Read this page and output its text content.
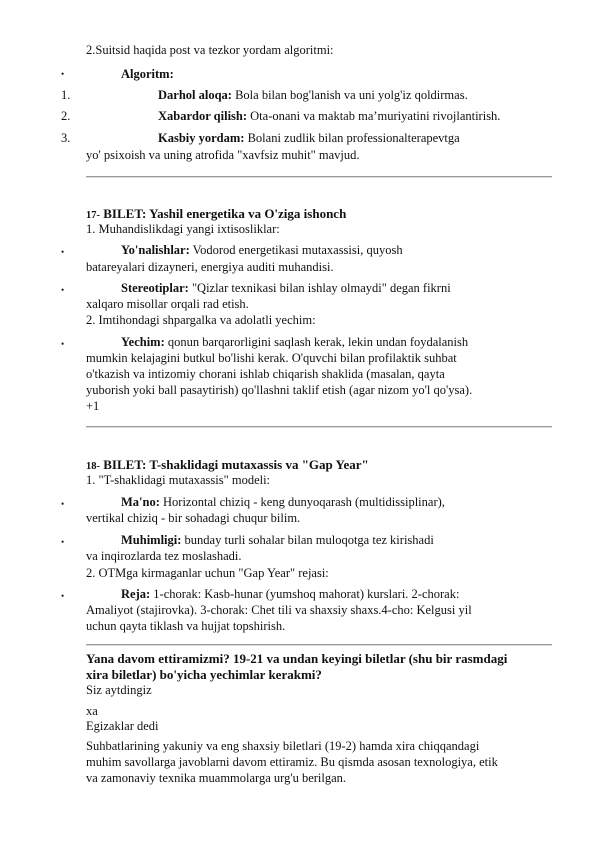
2.Suitsid haqida post va tezkor yordam algoritmi:
•	Algoritm:
1.	Darhol aloqa: Bola bilan bog'lanish va uni yolg'iz qoldirmas.
2.	Xabardor qilish: Ota-onani va maktab ma’muriyatini rivojlantirish.
3.	Kasbiy yordam: Bolani zudlik bilan professionalterapevtga
yo' psixoish va uning atrofida "xavfsiz muhit" mavjud.
17- BILET: Yashil energetika va O'ziga ishonch
1. Muhandislikdagi yangi ixtisosliklar:
•	Yo'nalishlar: Vodorod energetikasi mutaxassisi, quyosh
batareyalari dizayneri, energiya auditi muhandisi.
•	Stereotiplar: "Qizlar texnikasi bilan ishlay olmaydi" degan fikrni
xalqaro misollar orqali rad etish.
2. Imtihondagi shpargalka va adolatli yechim:
•	Yechim: qonun barqarorligini saqlash kerak, lekin undan foydalanish
mumkin kelajagini butkul bo'lishi kerak. O'quvchi bilan profilaktik suhbat
o'tkazish va intizomiy chorani ishlab chiqarish shaklida (masalan, qayta
yuborish yoki ball pasaytirish) qo'llashni taklif etish (agar nizom yo'l qo'ysa).
+1
18- BILET: T-shaklidagi mutaxassis va "Gap Year"
1. "T-shaklidagi mutaxassis" modeli:
•	Ma'no: Horizontal chiziq - keng dunyoqarash (multidissiplinar),
vertikal chiziq - bir sohadagi chuqur bilim.
•	Muhimligi: bunday turli sohalar bilan muloqotga tez kirishadi
va inqirozlarda tez moslashadi.
2. OTMga kirmaganlar uchun "Gap Year" rejasi:
•	Reja: 1-chorak: Kasb-hunar (yumshoq mahorat) kurslari. 2-chorak:
Amaliyot (stajirovka). 3-chorak: Chet tili va shaxsiy shaxs.4-cho: Kelgusi yil
uchun qayta tiklash va hujjat topshirish.
Yana davom ettiramizmi? 19-21 va undan keyingi biletlar (shu bir rasmdagi
xira biletlar) bo'yicha yechimlar kerakmi?
Siz aytdingiz
xa
Egizaklar dedi
Suhbatlarining yakuniy va eng shaxsiy biletlari (19-2) hamda xira chiqqandagi
muhim savollarga javoblarni davom ettiramiz. Bu qismda asosan texnologiya, etik
va zamonaviy texnika muammolarga urg'u berilgan.
